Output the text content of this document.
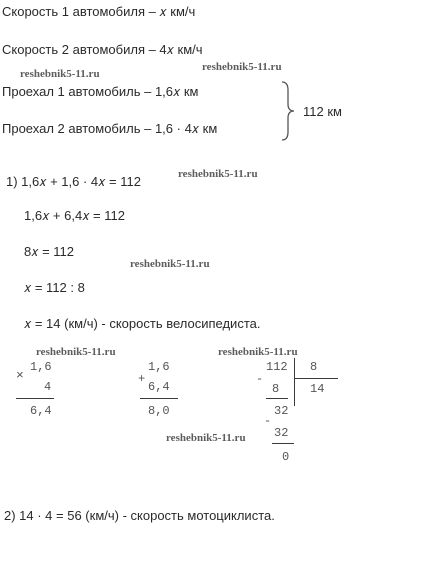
Скорость 1 автомобиля – 𝑥 км/ч
Скорость 2 автомобиля – 4𝑥 км/ч
reshebnik5-11.ru
reshebnik5-11.ru
Проехал 1 автомобиль – 1,6𝑥 км
Проехал 2 автомобиль – 1,6 · 4𝑥 км
112 км
1) 1,6𝑥 + 1,6 · 4𝑥 = 112	reshebnik5-11.ru
1,6𝑥 + 6,4𝑥 = 112
8𝑥 = 112
reshebnik5-11.ru
𝑥 = 112 : 8
𝑥 = 14 (км/ч) - скорость велосипедиста.
reshebnik5-11.ru	reshebnik5-11.ru
×
1,6
4
6,4
+
1,6
6,4
8,0
-
112 8
14
8
32
-
reshebnik5-11.ru 32
0
2) 14 · 4 = 56 (км/ч) - скорость мотоциклиста.
